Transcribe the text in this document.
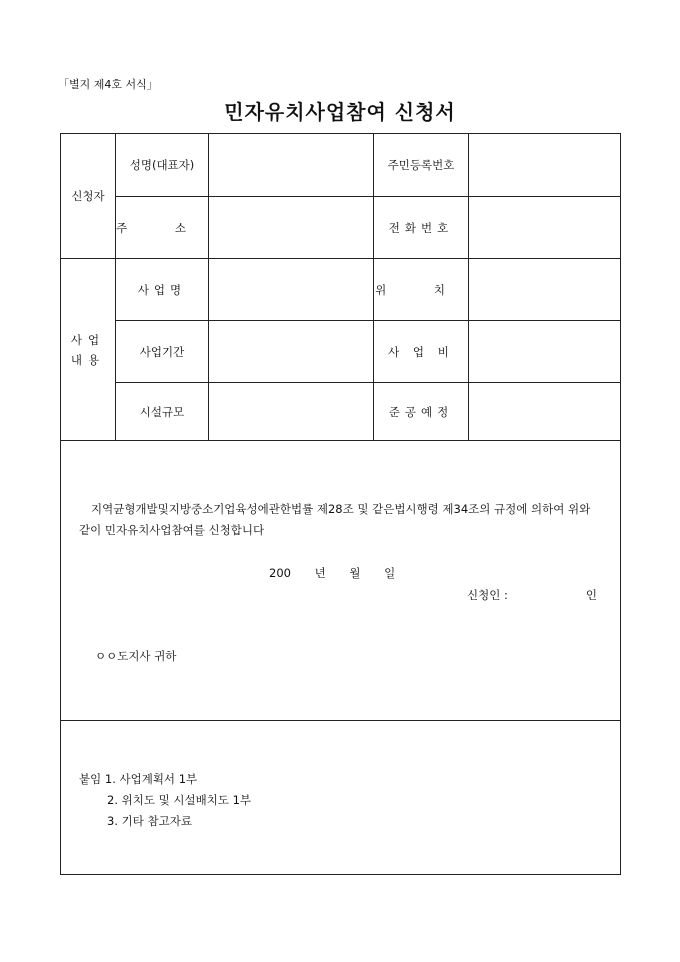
「별지 제4호 서식」
민자유치사업참여 신청서
신청자	성명(대표자)		주민등록번호	
	주 소		전화번호	

사업
내용	사업명		위 치	
	사업기간		사 업 비	
	시설규모		준공예정	

지역균형개발및지방중소기업육성에관한법률 제28조 및 같은법시행령 제34조의 규정에 의하여 위와 같이 민자유치사업참여를 신청합니다
200 년 월 일
신청인 : 인
ㅇㅇ도지사 귀하				

붙임 1. 사업계획서 1부
2. 위치도 및 시설배치도 1부
3. 기타 참고자료				
